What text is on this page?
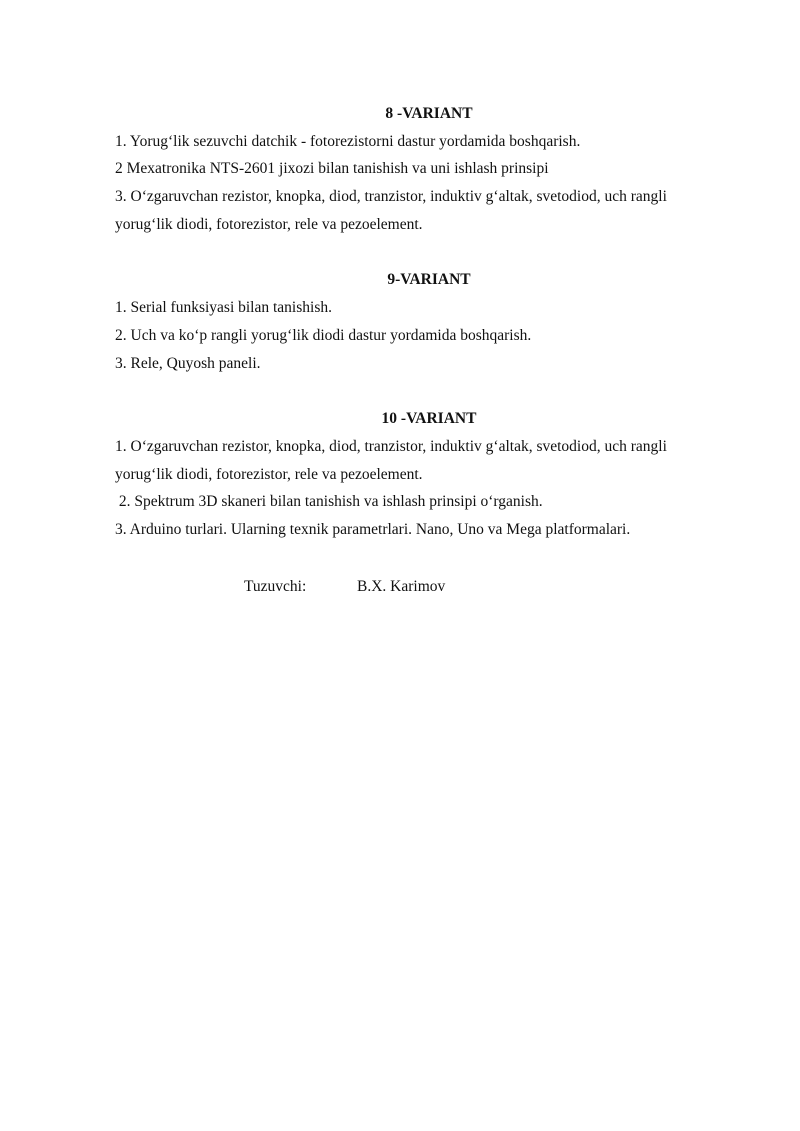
8 -VARIANT
1. Yorug‘lik sezuvchi datchik - fotorezistorni dastur yordamida boshqarish.
2 Mexatronika NTS-2601 jixozi bilan tanishish va uni ishlash prinsipi
3. O‘zgaruvchan rezistor, knopka, diod, tranzistor, induktiv g‘altak, svetodiod, uch rangli
yorug‘lik diodi, fotorezistor, rele va pezoelement.
9-VARIANT
1. Serial funksiyasi bilan tanishish.
2. Uch va ko‘p rangli yorug‘lik diodi dastur yordamida boshqarish.
3. Rele, Quyosh paneli.
10 -VARIANT
1. O‘zgaruvchan rezistor, knopka, diod, tranzistor, induktiv g‘altak, svetodiod, uch rangli
yorug‘lik diodi, fotorezistor, rele va pezoelement.
2. Spektrum 3D skaneri bilan tanishish va ishlash prinsipi o‘rganish.
3. Arduino turlari. Ularning texnik parametrlari. Nano, Uno va Mega platformalari.
Tuzuvchi:	B.X. Karimov
